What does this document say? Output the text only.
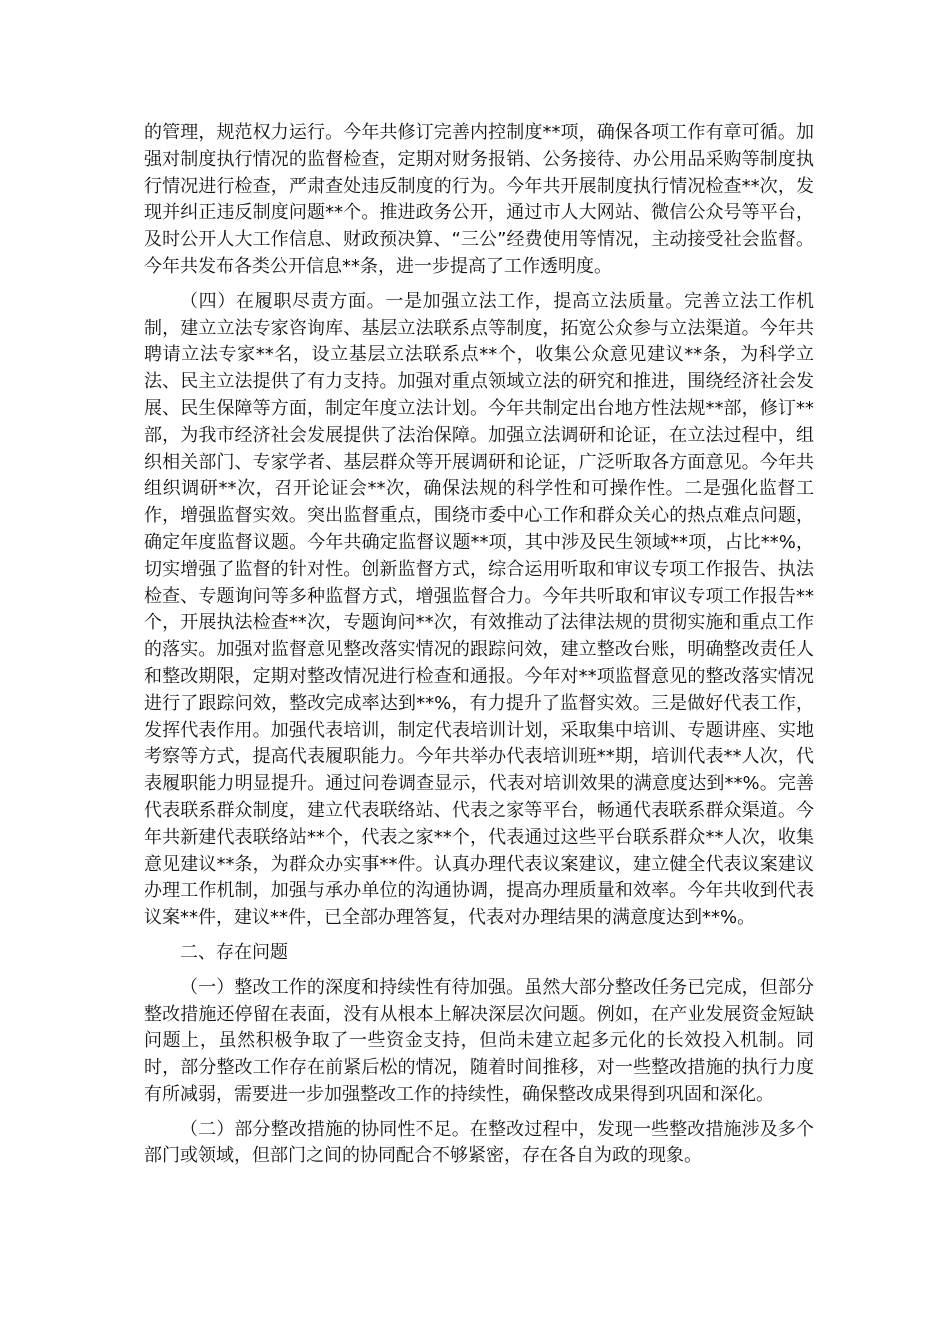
的管理，规范权力运行。今年共修订完善内控制度**项，确保各项工作有章可循。加强对制度执行情况的监督检查，定期对财务报销、公务接待、办公用品采购等制度执行情况进行检查，严肃查处违反制度的行为。今年共开展制度执行情况检查**次，发现并纠正违反制度问题**个。推进政务公开，通过市人大网站、微信公众号等平台，及时公开人大工作信息、财政预决算、“三公”经费使用等情况，主动接受社会监督。今年共发布各类公开信息**条，进一步提高了工作透明度。

（四）在履职尽责方面。一是加强立法工作，提高立法质量。完善立法工作机制，建立立法专家咨询库、基层立法联系点等制度，拓宽公众参与立法渠道。今年共聘请立法专家**名，设立基层立法联系点**个，收集公众意见建议**条，为科学立法、民主立法提供了有力支持。加强对重点领域立法的研究和推进，围绕经济社会发展、民生保障等方面，制定年度立法计划。今年共制定出台地方性法规**部，修订**部，为我市经济社会发展提供了法治保障。加强立法调研和论证，在立法过程中，组织相关部门、专家学者、基层群众等开展调研和论证，广泛听取各方面意见。今年共组织调研**次，召开论证会**次，确保法规的科学性和可操作性。二是强化监督工作，增强监督实效。突出监督重点，围绕市委中心工作和群众关心的热点难点问题，确定年度监督议题。今年共确定监督议题**项，其中涉及民生领域**项，占比**%，切实增强了监督的针对性。创新监督方式，综合运用听取和审议专项工作报告、执法检查、专题询问等多种监督方式，增强监督合力。今年共听取和审议专项工作报告**个，开展执法检查**次，专题询问**次，有效推动了法律法规的贯彻实施和重点工作的落实。加强对监督意见整改落实情况的跟踪问效，建立整改台账，明确整改责任人和整改期限，定期对整改情况进行检查和通报。今年对**项监督意见的整改落实情况进行了跟踪问效，整改完成率达到**%，有力提升了监督实效。三是做好代表工作，发挥代表作用。加强代表培训，制定代表培训计划，采取集中培训、专题讲座、实地考察等方式，提高代表履职能力。今年共举办代表培训班**期，培训代表**人次，代表履职能力明显提升。通过问卷调查显示，代表对培训效果的满意度达到**%。完善代表联系群众制度，建立代表联络站、代表之家等平台，畅通代表联系群众渠道。今年共新建代表联络站**个，代表之家**个，代表通过这些平台联系群众**人次，收集意见建议**条，为群众办实事**件。认真办理代表议案建议，建立健全代表议案建议办理工作机制，加强与承办单位的沟通协调，提高办理质量和效率。今年共收到代表议案**件，建议**件，已全部办理答复，代表对办理结果的满意度达到**%。

二、存在问题

（一）整改工作的深度和持续性有待加强。虽然大部分整改任务已完成，但部分整改措施还停留在表面，没有从根本上解决深层次问题。例如，在产业发展资金短缺问题上，虽然积极争取了一些资金支持，但尚未建立起多元化的长效投入机制。同时，部分整改工作存在前紧后松的情况，随着时间推移，对一些整改措施的执行力度有所减弱，需要进一步加强整改工作的持续性，确保整改成果得到巩固和深化。

（二）部分整改措施的协同性不足。在整改过程中，发现一些整改措施涉及多个部门或领域，但部门之间的协同配合不够紧密，存在各自为政的现象。
